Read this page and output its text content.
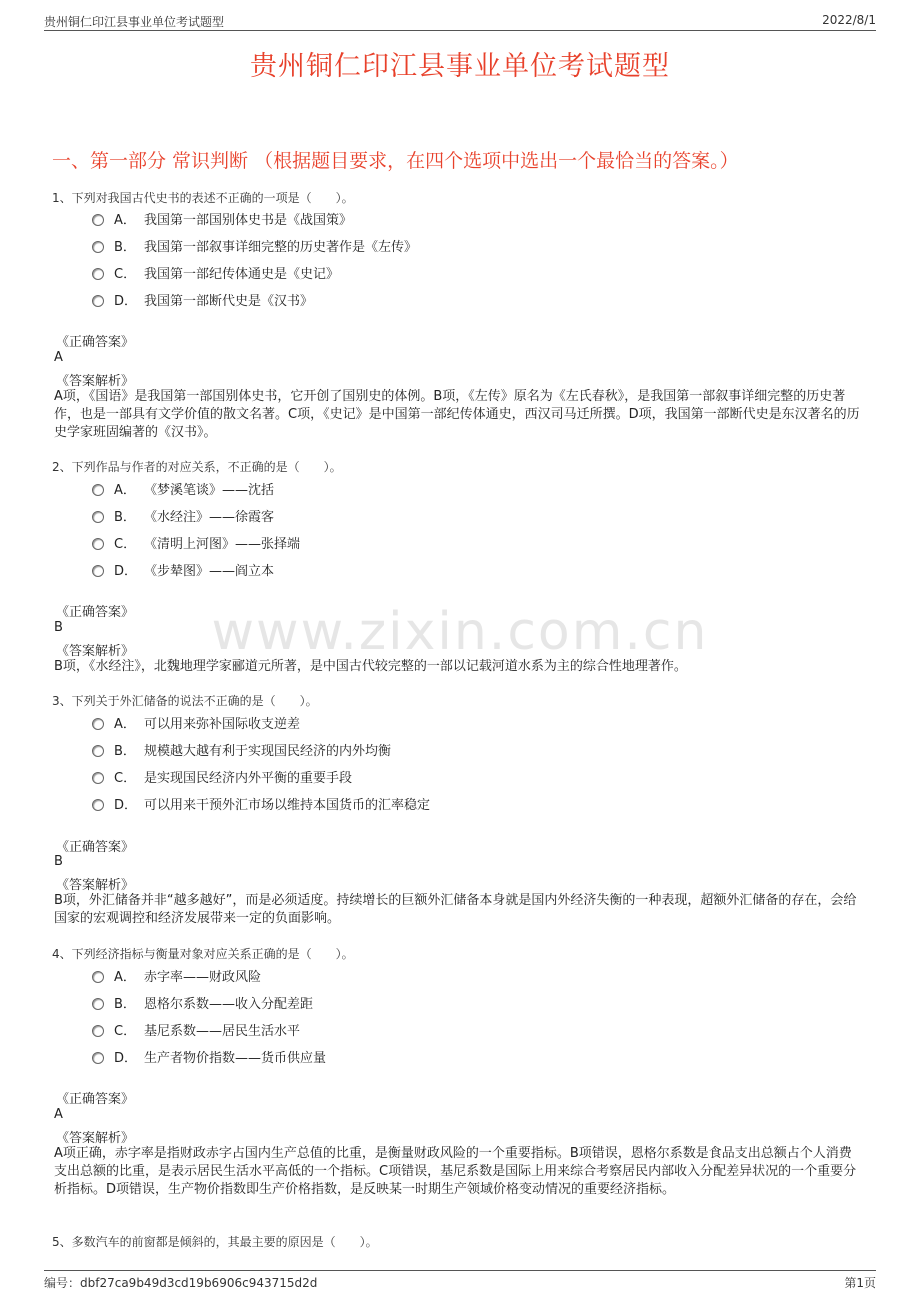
贵州铜仁印江县事业单位考试题型	2022/8/1
贵州铜仁印江县事业单位考试题型
一、第一部分 常识判断 （根据题目要求，在四个选项中选出一个最恰当的答案。）
www.zixin.com.cn
1、下列对我国古代史书的表述不正确的一项是（　　）。
A． 我国第一部国别体史书是《战国策》
B． 我国第一部叙事详细完整的历史著作是《左传》
C． 我国第一部纪传体通史是《史记》
D． 我国第一部断代史是《汉书》
《正确答案》
A
《答案解析》
A项，《国语》是我国第一部国别体史书，它开创了国别史的体例。B项，《左传》原名为《左氏春秋》，是我国第一部叙事详细完整的历史著作，也是一部具有文学价值的散文名著。C项，《史记》是中国第一部纪传体通史，西汉司马迁所撰。D项，我国第一部断代史是东汉著名的历史学家班固编著的《汉书》。
2、下列作品与作者的对应关系，不正确的是（　　）。
A． 《梦溪笔谈》——沈括
B． 《水经注》——徐霞客
C． 《清明上河图》——张择端
D． 《步辇图》——阎立本
《正确答案》
B
《答案解析》
B项，《水经注》，北魏地理学家郦道元所著，是中国古代较完整的一部以记载河道水系为主的综合性地理著作。
3、下列关于外汇储备的说法不正确的是（　　）。
A． 可以用来弥补国际收支逆差
B． 规模越大越有利于实现国民经济的内外均衡
C． 是实现国民经济内外平衡的重要手段
D． 可以用来干预外汇市场以维持本国货币的汇率稳定
《正确答案》
B
《答案解析》
B项，外汇储备并非“越多越好”，而是必须适度。持续增长的巨额外汇储备本身就是国内外经济失衡的一种表现，超额外汇储备的存在，会给国家的宏观调控和经济发展带来一定的负面影响。
4、下列经济指标与衡量对象对应关系正确的是（　　）。
A． 赤字率——财政风险
B． 恩格尔系数——收入分配差距
C． 基尼系数——居民生活水平
D． 生产者物价指数——货币供应量
《正确答案》
A
《答案解析》
A项正确，赤字率是指财政赤字占国内生产总值的比重，是衡量财政风险的一个重要指标。B项错误，恩格尔系数是食品支出总额占个人消费支出总额的比重，是表示居民生活水平高低的一个指标。C项错误，基尼系数是国际上用来综合考察居民内部收入分配差异状况的一个重要分析指标。D项错误，生产物价指数即生产价格指数，是反映某一时期生产领域价格变动情况的重要经济指标。
5、多数汽车的前窗都是倾斜的，其最主要的原因是（　　）。
编号：dbf27ca9b49d3cd19b6906c943715d2d	第1页
